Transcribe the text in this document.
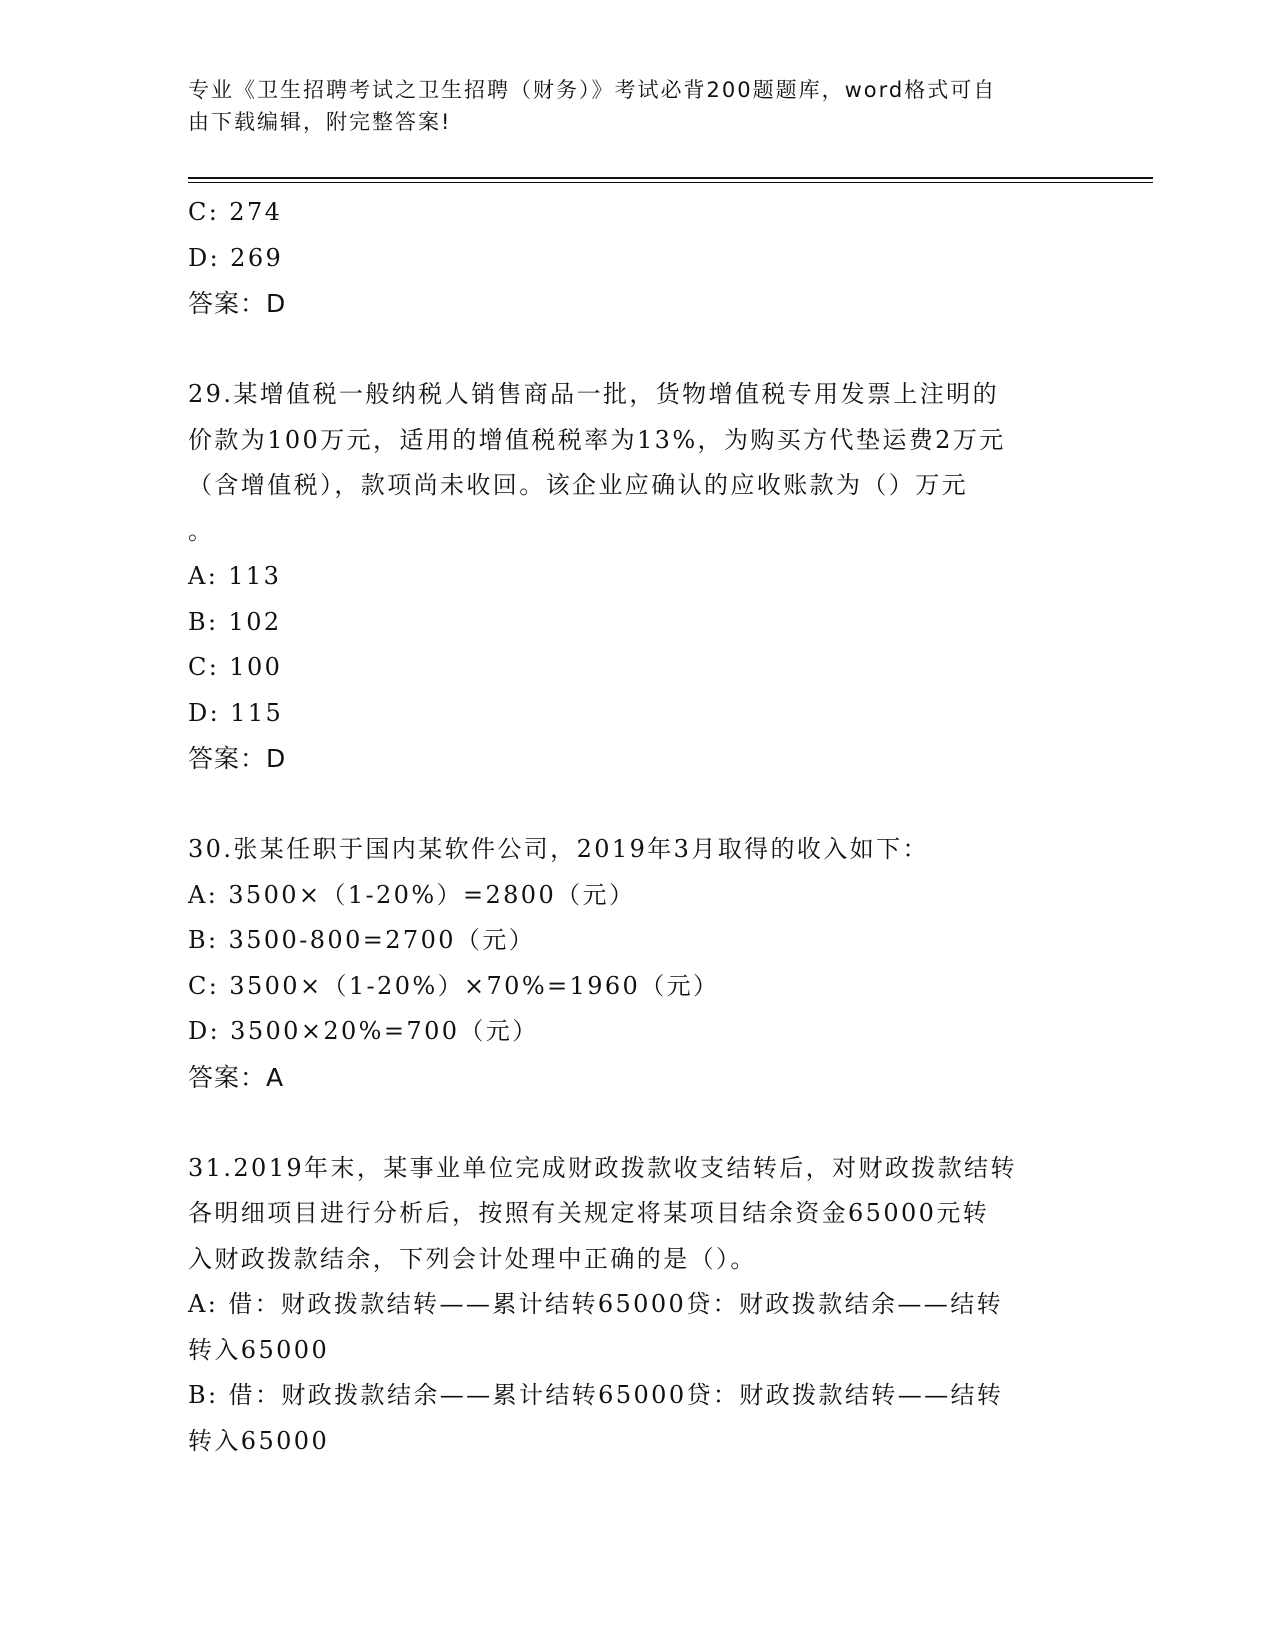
专业《卫生招聘考试之卫生招聘（财务）》考试必背200题题库，word格式可自
由下载编辑，附完整答案!
C: 274
D: 269
答案：D
29.某增值税一般纳税人销售商品一批，货物增值税专用发票上注明的
价款为100万元，适用的增值税税率为13%，为购买方代垫运费2万元
（含增值税），款项尚未收回。该企业应确认的应收账款为（）万元
。
A: 113
B: 102
C: 100
D: 115
答案：D
30.张某任职于国内某软件公司，2019年3月取得的收入如下：
A: 3500×（1-20%）=2800（元）
B: 3500-800=2700（元）
C: 3500×（1-20%）×70%=1960（元）
D: 3500×20%=700（元）
答案：A
31.2019年末，某事业单位完成财政拨款收支结转后，对财政拨款结转
各明细项目进行分析后，按照有关规定将某项目结余资金65000元转
入财政拨款结余，下列会计处理中正确的是（）。
A: 借：财政拨款结转——累计结转65000贷：财政拨款结余——结转
转入65000
B: 借：财政拨款结余——累计结转65000贷：财政拨款结转——结转
转入65000
